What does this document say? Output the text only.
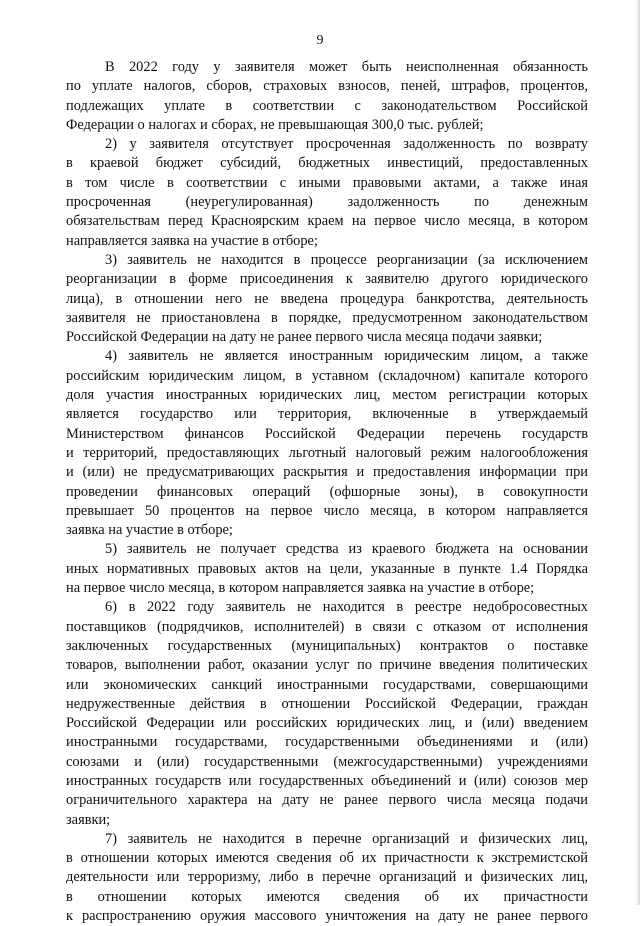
9
В 2022 году у заявителя может быть неисполненная обязанность
по уплате налогов, сборов, страховых взносов, пеней, штрафов, процентов,
подлежащих уплате в соответствии с законодательством Российской
Федерации о налогах и сборах, не превышающая 300,0 тыс. рублей;
2) у заявителя отсутствует просроченная задолженность по возврату
в краевой бюджет субсидий, бюджетных инвестиций, предоставленных
в том числе в соответствии с иными правовыми актами, а также иная
просроченная (неурегулированная) задолженность по денежным
обязательствам перед Красноярским краем на первое число месяца, в котором
направляется заявка на участие в отборе;
3) заявитель не находится в процессе реорганизации (за исключением
реорганизации в форме присоединения к заявителю другого юридического
лица), в отношении него не введена процедура банкротства, деятельность
заявителя не приостановлена в порядке, предусмотренном законодательством
Российской Федерации на дату не ранее первого числа месяца подачи заявки;
4) заявитель не является иностранным юридическим лицом, а также
российским юридическим лицом, в уставном (складочном) капитале которого
доля участия иностранных юридических лиц, местом регистрации которых
является государство или территория, включенные в утверждаемый
Министерством финансов Российской Федерации перечень государств
и территорий, предоставляющих льготный налоговый режим налогообложения
и (или) не предусматривающих раскрытия и предоставления информации при
проведении финансовых операций (офшорные зоны), в совокупности
превышает 50 процентов на первое число месяца, в котором направляется
заявка на участие в отборе;
5) заявитель не получает средства из краевого бюджета на основании
иных нормативных правовых актов на цели, указанные в пункте 1.4 Порядка
на первое число месяца, в котором направляется заявка на участие в отборе;
6) в 2022 году заявитель не находится в реестре недобросовестных
поставщиков (подрядчиков, исполнителей) в связи с отказом от исполнения
заключенных государственных (муниципальных) контрактов о поставке
товаров, выполнении работ, оказании услуг по причине введения политических
или экономических санкций иностранными государствами, совершающими
недружественные действия в отношении Российской Федерации, граждан
Российской Федерации или российских юридических лиц, и (или) введением
иностранными государствами, государственными объединениями и (или)
союзами и (или) государственными (межгосударственными) учреждениями
иностранных государств или государственных объединений и (или) союзов мер
ограничительного характера на дату не ранее первого числа месяца подачи
заявки;
7) заявитель не находится в перечне организаций и физических лиц,
в отношении которых имеются сведения об их причастности к экстремистской
деятельности или терроризму, либо в перечне организаций и физических лиц,
в отношении которых имеются сведения об их причастности
к распространению оружия массового уничтожения на дату не ранее первого
